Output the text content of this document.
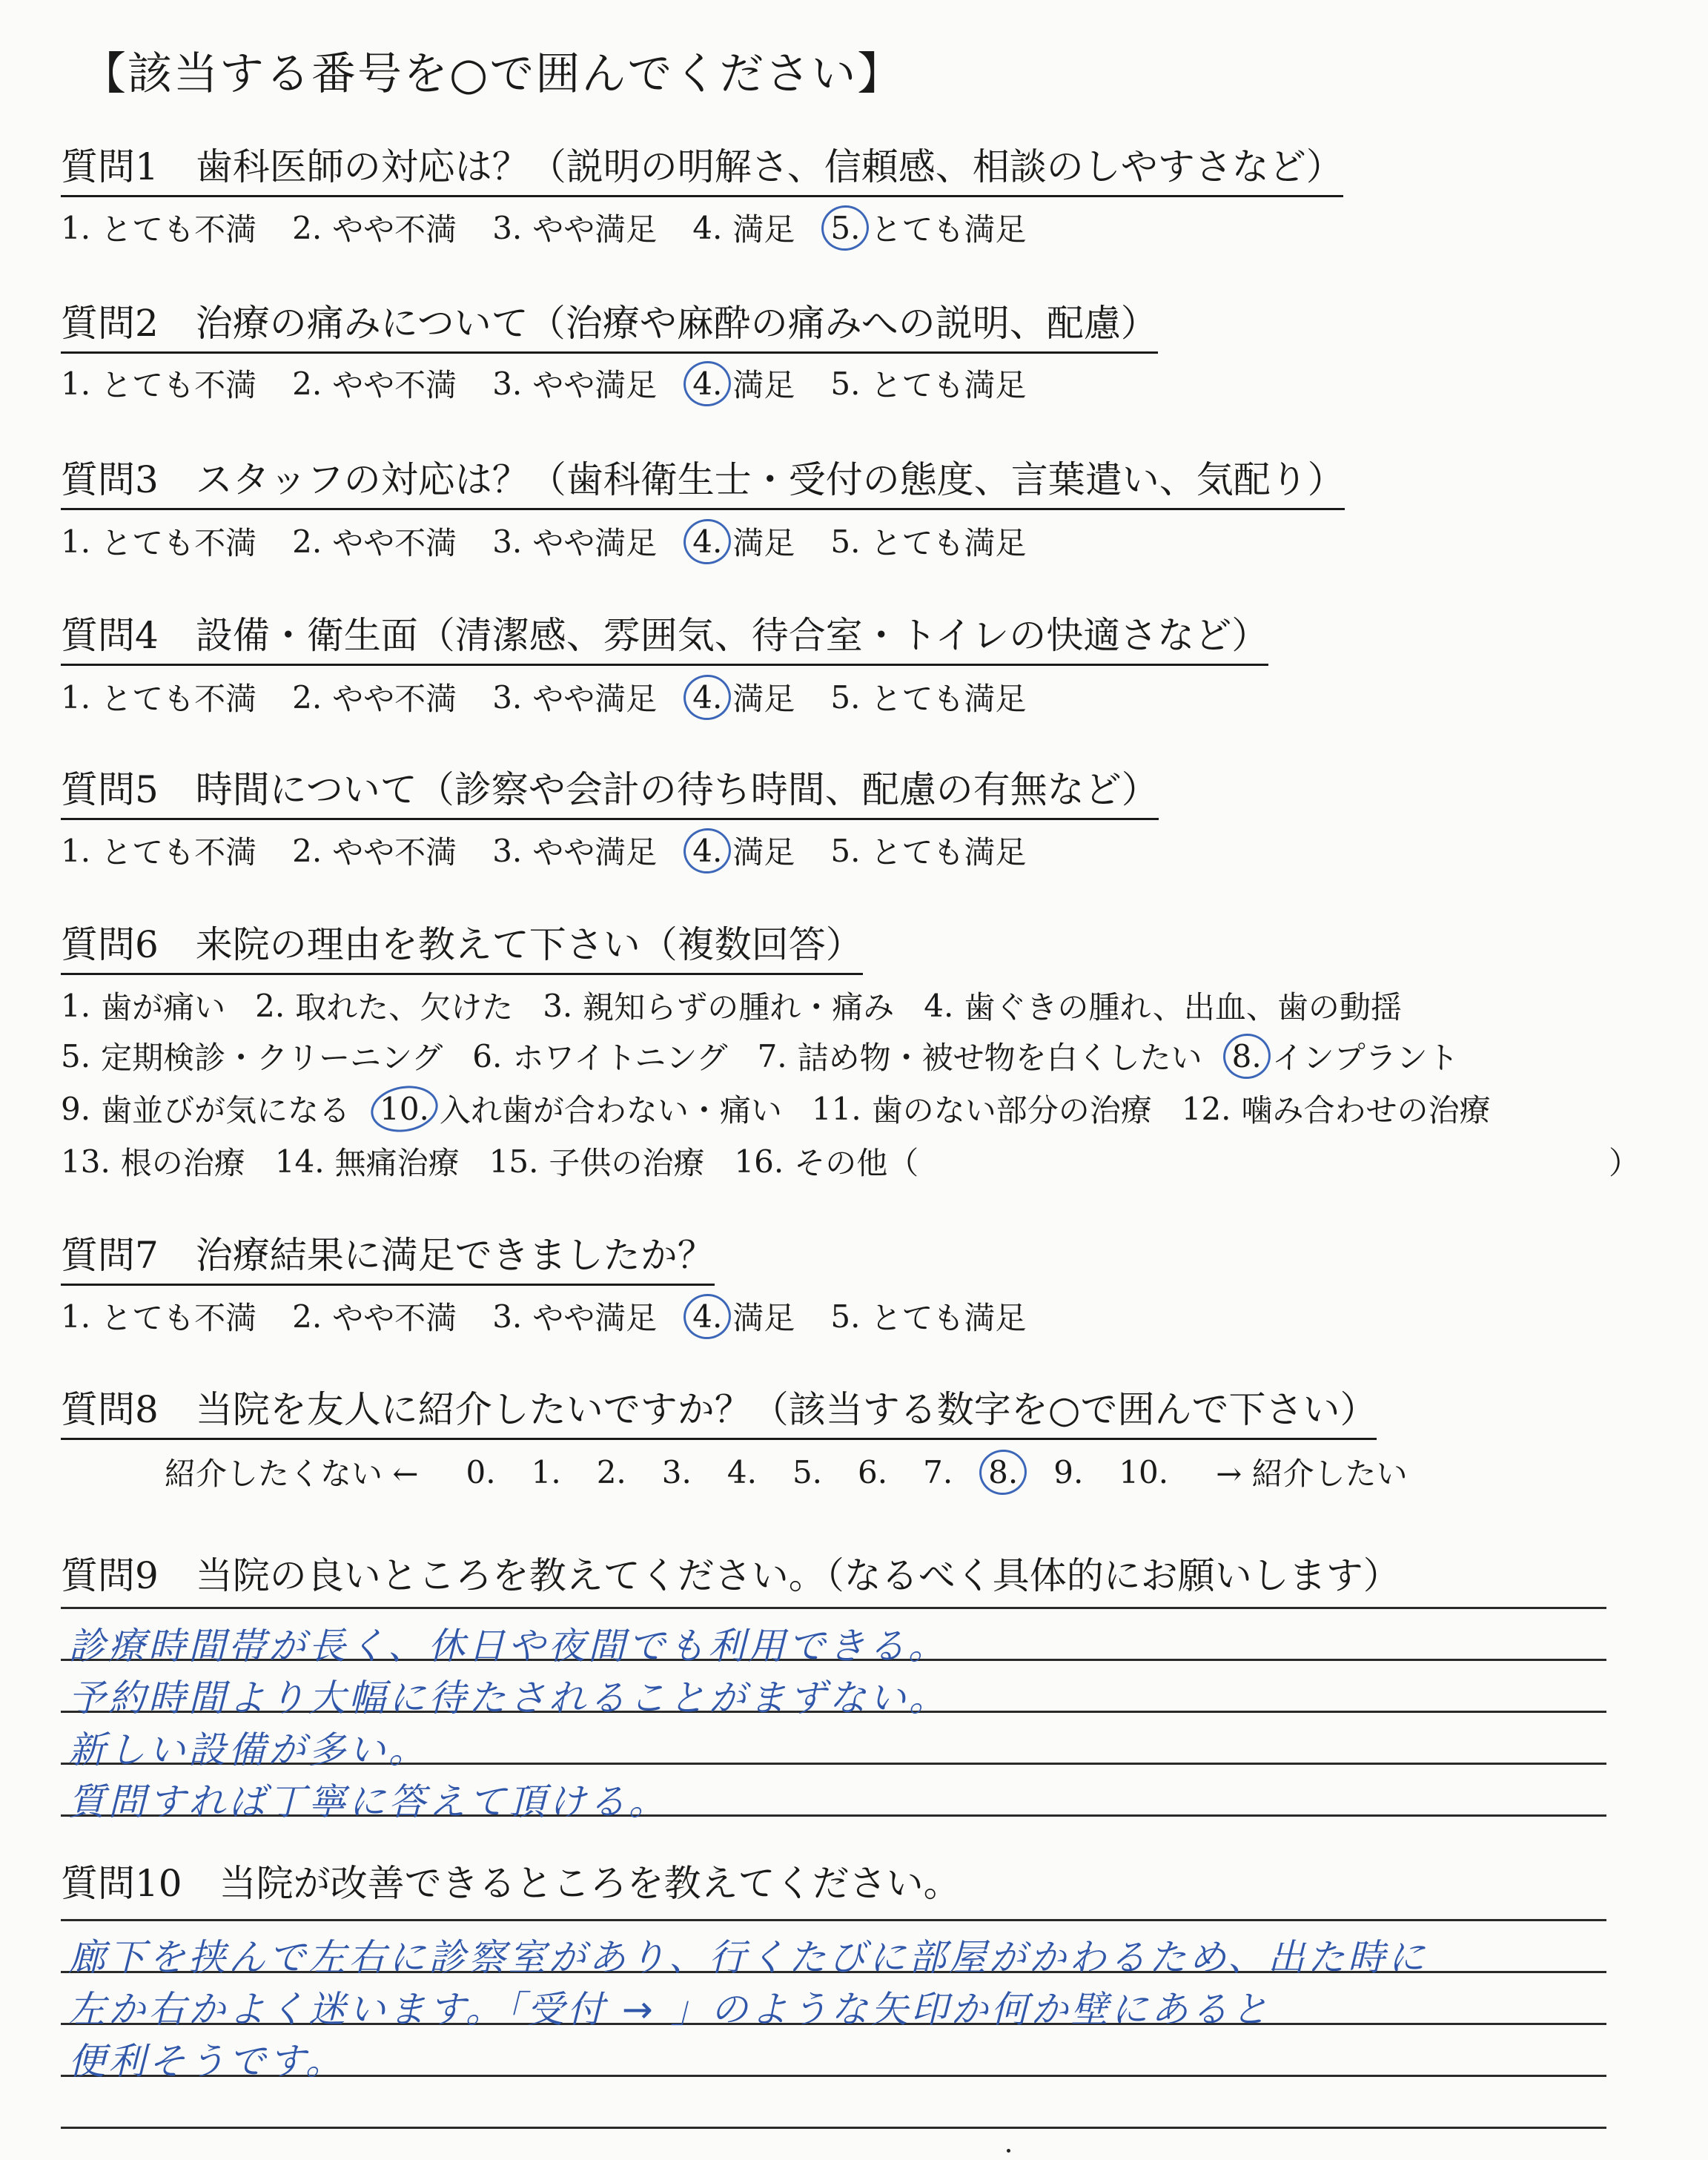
【該当する番号を○で囲んでください】
質問1　歯科医師の対応は？（説明の明解さ、信頼感、相談のしやすさなど）
1. とても不満 2. やや不満 3. やや満足 4. 満足 5. とても満足
質問2　治療の痛みについて（治療や麻酔の痛みへの説明、配慮）
1. とても不満 2. やや不満 3. やや満足 4. 満足 5. とても満足
質問3　スタッフの対応は？（歯科衛生士・受付の態度、言葉遣い、気配り）
1. とても不満 2. やや不満 3. やや満足 4. 満足 5. とても満足
質問4　設備・衛生面（清潔感、雰囲気、待合室・トイレの快適さなど）
1. とても不満 2. やや不満 3. やや満足 4. 満足 5. とても満足
質問5　時間について（診察や会計の待ち時間、配慮の有無など）
1. とても不満 2. やや不満 3. やや満足 4. 満足 5. とても満足
質問6　来院の理由を教えて下さい（複数回答）
1. 歯が痛い 2. 取れた、欠けた 3. 親知らずの腫れ・痛み 4. 歯ぐきの腫れ、出血、歯の動揺
5. 定期検診・クリーニング 6. ホワイトニング 7. 詰め物・被せ物を白くしたい 8. インプラント
9. 歯並びが気になる 10. 入れ歯が合わない・痛い 11. 歯のない部分の治療 12. 噛み合わせの治療
13. 根の治療 14. 無痛治療 15. 子供の治療 16. その他（	）
質問7　治療結果に満足できましたか？
1. とても不満 2. やや不満 3. やや満足 4. 満足 5. とても満足
質問8　当院を友人に紹介したいですか？（該当する数字を○で囲んで下さい）
紹介したくない ← 0. 1. 2. 3. 4. 5. 6. 7. 8. 9. 10. → 紹介したい
質問9　当院の良いところを教えてください。（なるべく具体的にお願いします）
診療時間帯が長く、休日や夜間でも利用できる。
予約時間より大幅に待たされることがまずない。
新しい設備が多い。
質問すれば丁寧に答えて頂ける。
質問10　当院が改善できるところを教えてください。
廊下を挟んで左右に診察室があり、行くたびに部屋がかわるため、出た時に
左か右かよく迷います。「受付 → 」のような矢印か何か壁にあると
便利そうです。
